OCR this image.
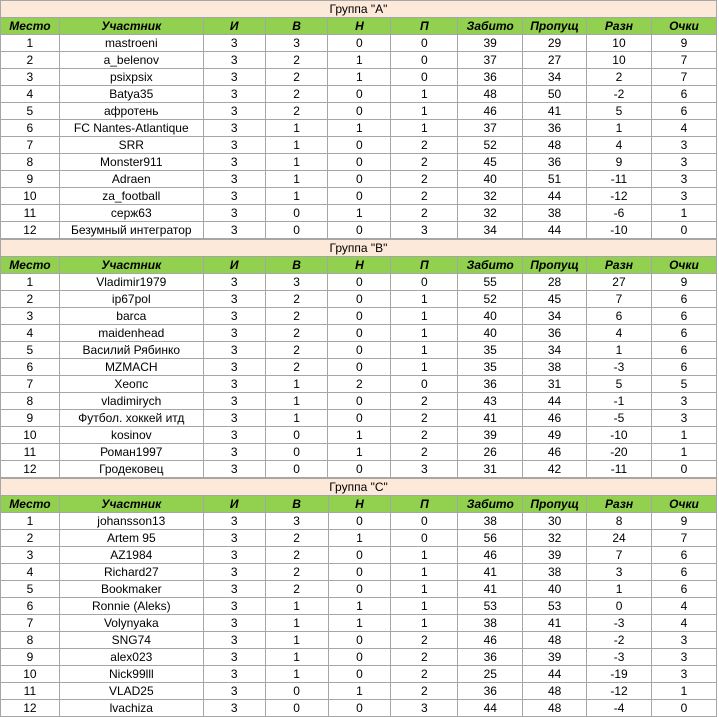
Группа "A"									
Место	Участник	И	В	Н	П	Забито	Пропущ	Разн	Очки
1	mastroeni	3	3	0	0	39	29	10	9
2	a_belenov	3	2	1	0	37	27	10	7
3	psixpsix	3	2	1	0	36	34	2	7
4	Batya35	3	2	0	1	48	50	-2	6
5	афротень	3	2	0	1	46	41	5	6
6	FC Nantes-Atlantique	3	1	1	1	37	36	1	4
7	SRR	3	1	0	2	52	48	4	3
8	Monster911	3	1	0	2	45	36	9	3
9	Adraen	3	1	0	2	40	51	-11	3
10	za_football	3	1	0	2	32	44	-12	3
11	серж63	3	0	1	2	32	38	-6	1
12	Безумный интегратор	3	0	0	3	34	44	-10	0
Группа "B"									
Место	Участник	И	В	Н	П	Забито	Пропущ	Разн	Очки
1	Vladimir1979	3	3	0	0	55	28	27	9
2	ip67pol	3	2	0	1	52	45	7	6
3	barca	3	2	0	1	40	34	6	6
4	maidenhead	3	2	0	1	40	36	4	6
5	Василий Рябинко	3	2	0	1	35	34	1	6
6	MZMACH	3	2	0	1	35	38	-3	6
7	Хеопс	3	1	2	0	36	31	5	5
8	vladimirych	3	1	0	2	43	44	-1	3
9	Футбол. хоккей итд	3	1	0	2	41	46	-5	3
10	kosinov	3	0	1	2	39	49	-10	1
11	Роман1997	3	0	1	2	26	46	-20	1
12	Гродековец	3	0	0	3	31	42	-11	0
Группа "C"									
Место	Участник	И	В	Н	П	Забито	Пропущ	Разн	Очки
1	johansson13	3	3	0	0	38	30	8	9
2	Artem 95	3	2	1	0	56	32	24	7
3	AZ1984	3	2	0	1	46	39	7	6
4	Richard27	3	2	0	1	41	38	3	6
5	Bookmaker	3	2	0	1	41	40	1	6
6	Ronnie (Aleks)	3	1	1	1	53	53	0	4
7	Volynyaka	3	1	1	1	38	41	-3	4
8	SNG74	3	1	0	2	46	48	-2	3
9	alex023	3	1	0	2	36	39	-3	3
10	Nick99lll	3	1	0	2	25	44	-19	3
11	VLAD25	3	0	1	2	36	48	-12	1
12	lvachiza	3	0	0	3	44	48	-4	0
